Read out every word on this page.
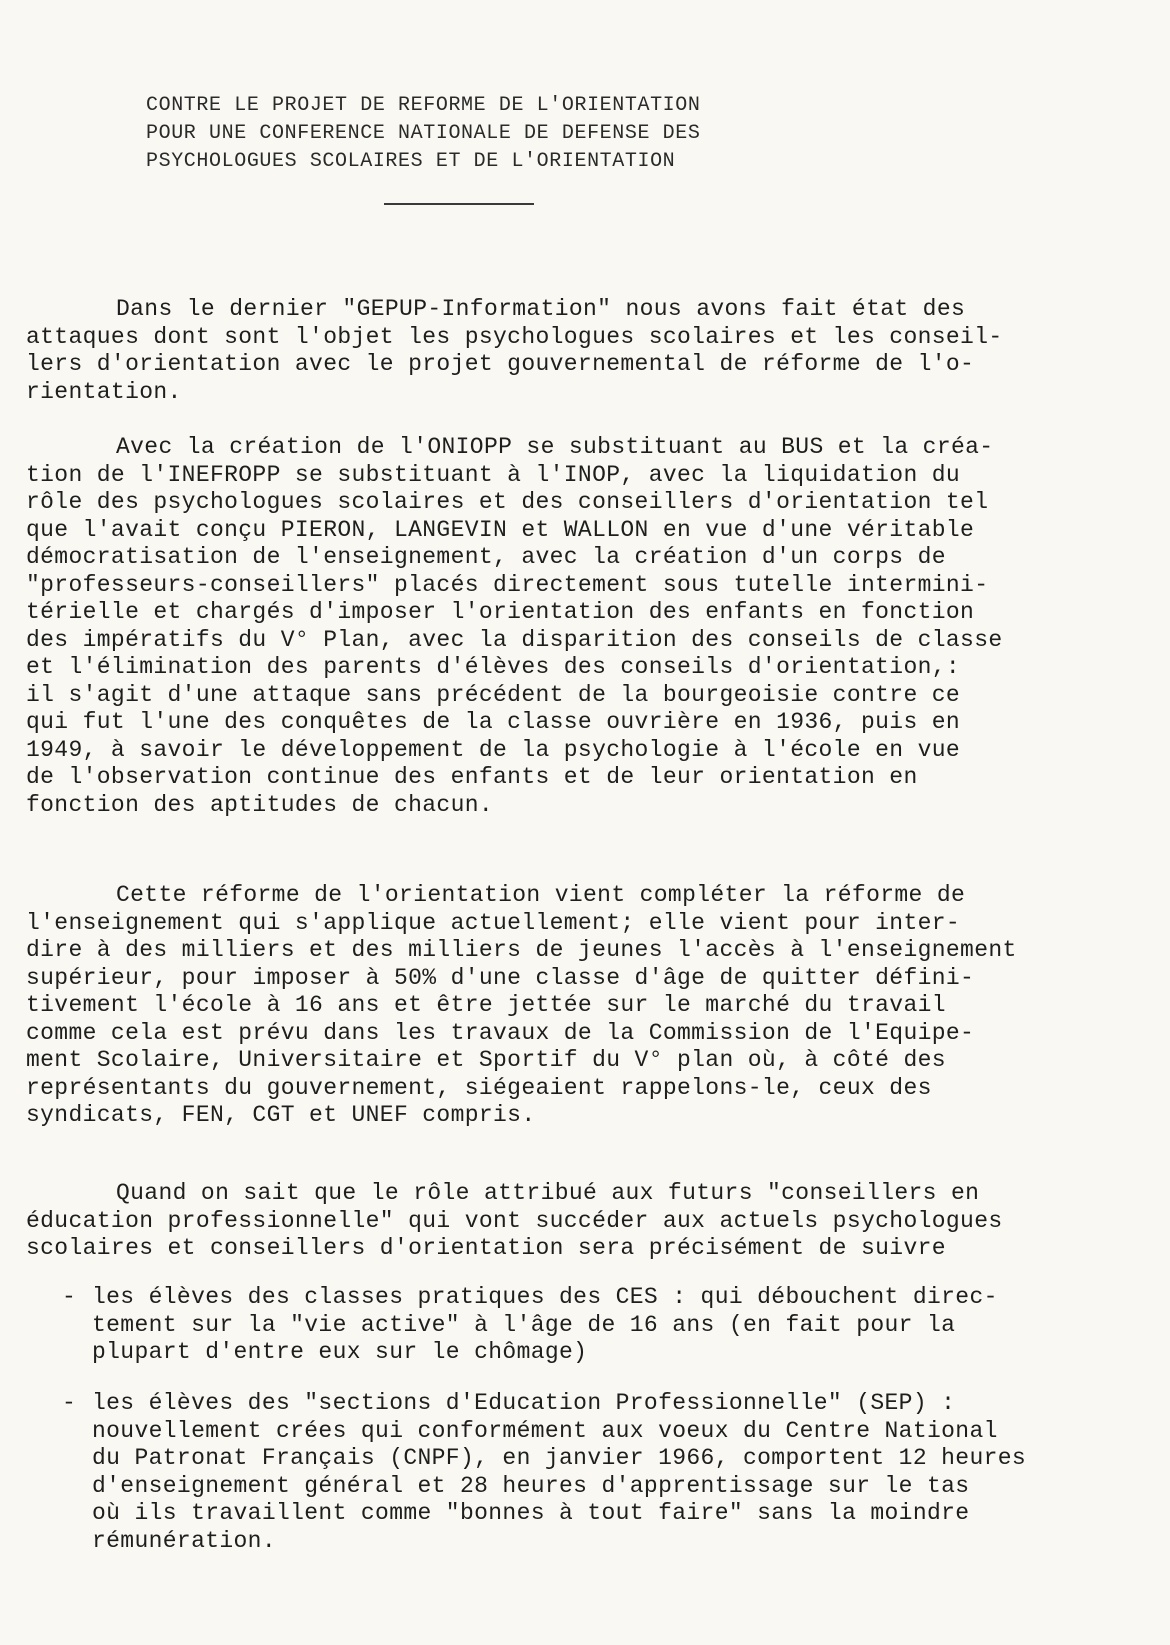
CONTRE LE PROJET DE REFORME DE L'ORIENTATION
POUR UNE CONFERENCE NATIONALE DE DEFENSE DES
PSYCHOLOGUES SCOLAIRES ET DE L'ORIENTATION
Dans le dernier "GEPUP-Information" nous avons fait état des
attaques dont sont l'objet les psychologues scolaires et les conseil-
lers d'orientation avec le projet gouvernemental de réforme de l'o-
rientation.
Avec la création de l'ONIOPP se substituant au BUS et la créa-
tion de l'INEFROPP se substituant à l'INOP, avec la liquidation du
rôle des psychologues scolaires et des conseillers d'orientation tel
que l'avait conçu PIERON, LANGEVIN et WALLON en vue d'une véritable
démocratisation de l'enseignement, avec la création d'un corps de
"professeurs-conseillers" placés directement sous tutelle intermini-
térielle et chargés d'imposer l'orientation des enfants en fonction
des impératifs du V° Plan, avec la disparition des conseils de classe
et l'élimination des parents d'élèves des conseils d'orientation,:
il s'agit d'une attaque sans précédent de la bourgeoisie contre ce
qui fut l'une des conquêtes de la classe ouvrière en 1936, puis en
1949, à savoir le développement de la psychologie à l'école en vue
de l'observation continue des enfants et de leur orientation en
fonction des aptitudes de chacun.
Cette réforme de l'orientation vient compléter la réforme de
l'enseignement qui s'applique actuellement; elle vient pour inter-
dire à des milliers et des milliers de jeunes l'accès à l'enseignement
supérieur, pour imposer à 50% d'une classe d'âge de quitter défini-
tivement l'école à 16 ans et être jettée sur le marché du travail
comme cela est prévu dans les travaux de la Commission de l'Equipe-
ment Scolaire, Universitaire et Sportif du V° plan où, à côté des
représentants du gouvernement, siégeaient rappelons-le, ceux des
syndicats, FEN, CGT et UNEF compris.
Quand on sait que le rôle attribué aux futurs "conseillers en
éducation professionnelle" qui vont succéder aux actuels psychologues
scolaires et conseillers d'orientation sera précisément de suivre
- les élèves des classes pratiques des CES : qui débouchent direc-
tement sur la "vie active" à l'âge de 16 ans (en fait pour la
plupart d'entre eux sur le chômage)
- les élèves des "sections d'Education Professionnelle" (SEP) :
nouvellement crées qui conformément aux voeux du Centre National
du Patronat Français (CNPF), en janvier 1966, comportent 12 heures
d'enseignement général et 28 heures d'apprentissage sur le tas
où ils travaillent comme "bonnes à tout faire" sans la moindre
rémunération.
